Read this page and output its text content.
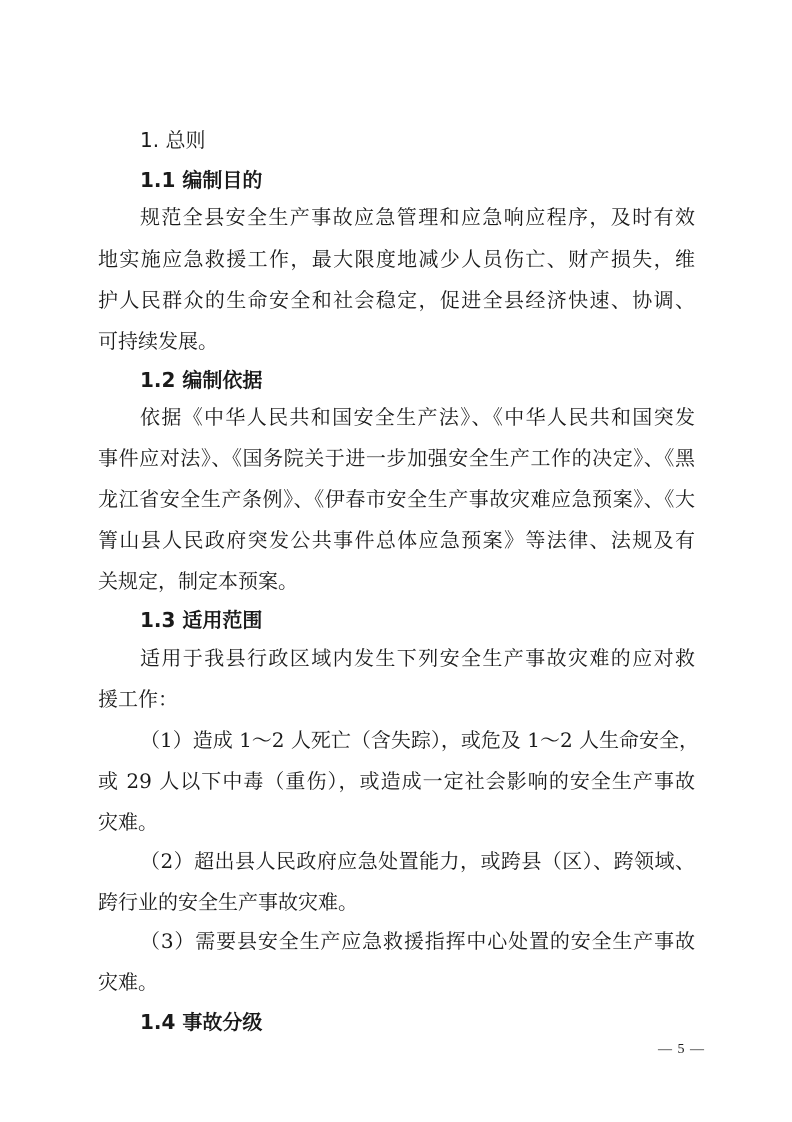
1. 总则
1.1 编制目的
规范全县安全生产事故应急管理和应急响应程序，及时有效
地实施应急救援工作，最大限度地减少人员伤亡、财产损失，维
护人民群众的生命安全和社会稳定，促进全县经济快速、协调、
可持续发展。
1.2 编制依据
依据《中华人民共和国安全生产法》、《中华人民共和国突发
事件应对法》、《国务院关于进一步加强安全生产工作的决定》、《黑
龙江省安全生产条例》、《伊春市安全生产事故灾难应急预案》、《大
箐山县人民政府突发公共事件总体应急预案》等法律、法规及有
关规定，制定本预案。
1.3 适用范围
适用于我县行政区域内发生下列安全生产事故灾难的应对救
援工作：
（1）造成 1～2 人死亡（含失踪），或危及 1～2 人生命安全，
或 29 人以下中毒（重伤），或造成一定社会影响的安全生产事故
灾难。
（2）超出县人民政府应急处置能力，或跨县（区）、跨领域、
跨行业的安全生产事故灾难。
（3）需要县安全生产应急救援指挥中心处置的安全生产事故
灾难。
1.4 事故分级
— 5 —
